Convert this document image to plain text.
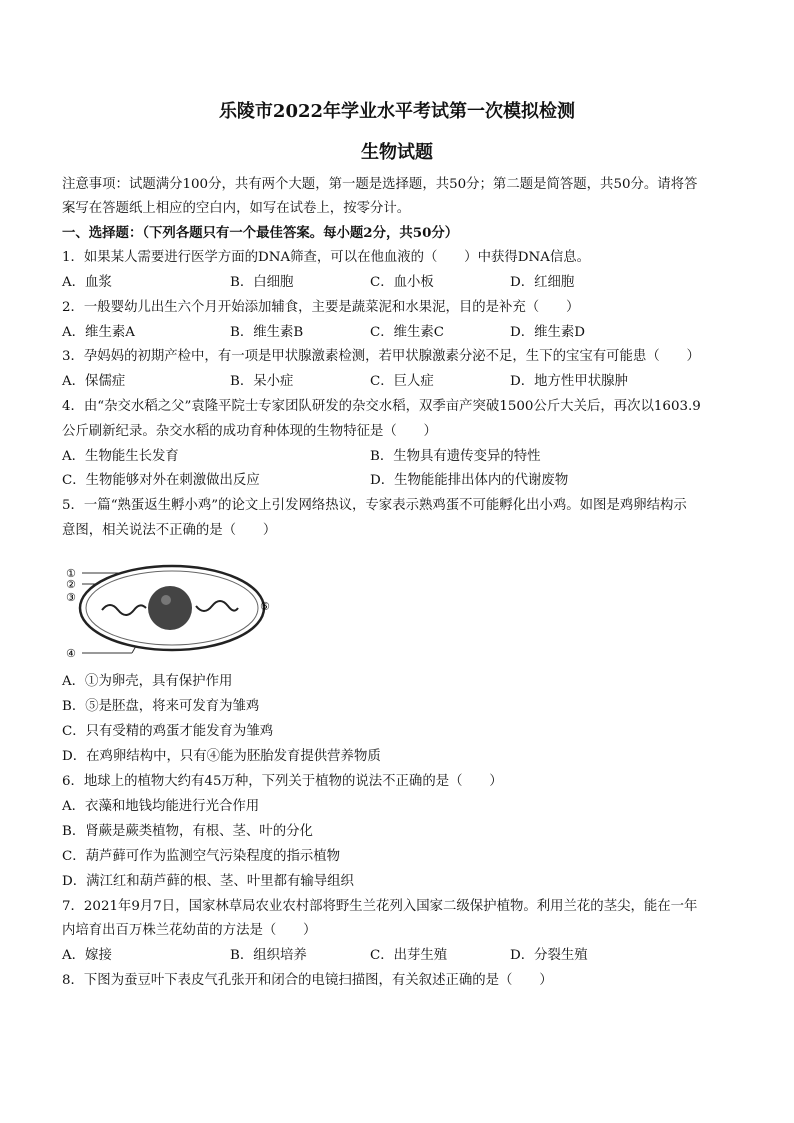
乐陵市2022年学业水平考试第一次模拟检测
生物试题
注意事项：试题满分100分，共有两个大题，第一题是选择题，共50分；第二题是简答题，共50分。请将答
案写在答题纸上相应的空白内，如写在试卷上，按零分计。
一、选择题：（下列各题只有一个最佳答案。每小题2分，共50分）
1．如果某人需要进行医学方面的DNA筛查，可以在他血液的（　　）中获得DNA信息。
A．血浆	B．白细胞	C．血小板	D．红细胞
2．一般婴幼儿出生六个月开始添加辅食，主要是蔬菜泥和水果泥，目的是补充（　　）
A．维生素A	B．维生素B	C．维生素C	D．维生素D
3．孕妈妈的初期产检中，有一项是甲状腺激素检测，若甲状腺激素分泌不足，生下的宝宝有可能患（　　）
A．保儒症	B．呆小症	C．巨人症	D．地方性甲状腺肿
4．由“杂交水稻之父”袁隆平院士专家团队研发的杂交水稻，双季亩产突破1500公斤大关后，再次以1603.9
公斤刷新纪录。杂交水稻的成功育种体现的生物特征是（　　）
A．生物能生长发育	B．生物具有遗传变异的特性
C．生物能够对外在刺激做出反应	D．生物能能排出体内的代谢废物
5．一篇“熟蛋返生孵小鸡”的论文上引发网络热议，专家表示熟鸡蛋不可能孵化出小鸡。如图是鸡卵结构示
意图，相关说法不正确的是（　　）
①
②
③
④
⑤
A．①为卵壳，具有保护作用
B．⑤是胚盘，将来可发育为雏鸡
C．只有受精的鸡蛋才能发育为雏鸡
D．在鸡卵结构中，只有④能为胚胎发育提供营养物质
6．地球上的植物大约有45万种，下列关于植物的说法不正确的是（　　）
A．衣藻和地钱均能进行光合作用
B．肾蕨是蕨类植物，有根、茎、叶的分化
C．葫芦藓可作为监测空气污染程度的指示植物
D．满江红和葫芦藓的根、茎、叶里都有输导组织
7．2021年9月7日，国家林草局农业农村部将野生兰花列入国家二级保护植物。利用兰花的茎尖，能在一年
内培育出百万株兰花幼苗的方法是（　　）
A．嫁接	B．组织培养	C．出芽生殖	D．分裂生殖
8．下图为蚕豆叶下表皮气孔张开和闭合的电镜扫描图，有关叙述正确的是（　　）
